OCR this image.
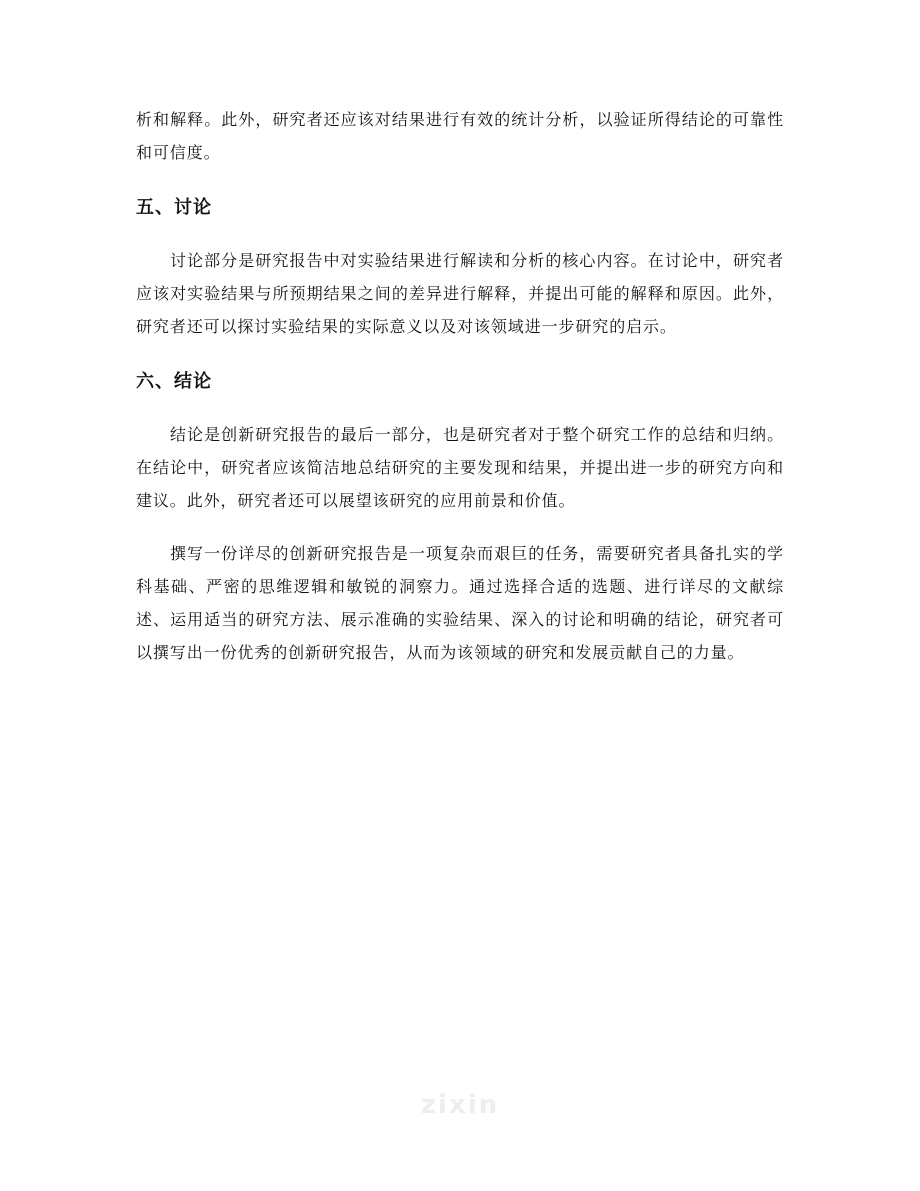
析和解释。此外，研究者还应该对结果进行有效的统计分析，以验证所得结论的可靠性和可信度。

五、讨论

讨论部分是研究报告中对实验结果进行解读和分析的核心内容。在讨论中，研究者应该对实验结果与所预期结果之间的差异进行解释，并提出可能的解释和原因。此外，研究者还可以探讨实验结果的实际意义以及对该领域进一步研究的启示。

六、结论

结论是创新研究报告的最后一部分，也是研究者对于整个研究工作的总结和归纳。在结论中，研究者应该简洁地总结研究的主要发现和结果，并提出进一步的研究方向和建议。此外，研究者还可以展望该研究的应用前景和价值。

撰写一份详尽的创新研究报告是一项复杂而艰巨的任务，需要研究者具备扎实的学科基础、严密的思维逻辑和敏锐的洞察力。通过选择合适的选题、进行详尽的文献综述、运用适当的研究方法、展示准确的实验结果、深入的讨论和明确的结论，研究者可以撰写出一份优秀的创新研究报告，从而为该领域的研究和发展贡献自己的力量。

zixin
